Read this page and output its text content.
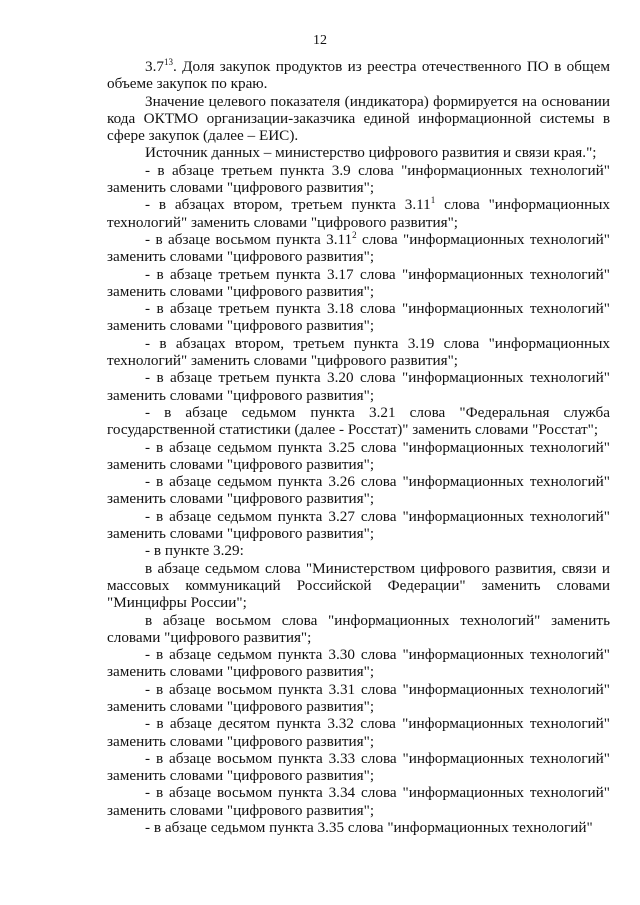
12

$3.7^{13}$. Доля закупок продуктов из реестра отечественного ПО в общем объеме закупок по краю.

Значение целевого показателя (индикатора) формируется на основании кода ОКТМО организации-заказчика единой информационной системы в сфере закупок (далее – ЕИС).

Источник данных – министерство цифрового развития и связи края.";

- в абзаце третьем пункта 3.9 слова "информационных технологий" заменить словами "цифрового развития";

- в абзацах втором, третьем пункта 3.11$^1$ слова "информационных технологий" заменить словами "цифрового развития";

- в абзаце восьмом пункта 3.11$^2$ слова "информационных технологий" заменить словами "цифрового развития";

- в абзаце третьем пункта 3.17 слова "информационных технологий" заменить словами "цифрового развития";

- в абзаце третьем пункта 3.18 слова "информационных технологий" заменить словами "цифрового развития";

- в абзацах втором, третьем пункта 3.19 слова "информационных технологий" заменить словами "цифрового развития";

- в абзаце третьем пункта 3.20 слова "информационных технологий" заменить словами "цифрового развития";

- в абзаце седьмом пункта 3.21 слова "Федеральная служба государственной статистики (далее - Росстат)" заменить словами "Росстат";

- в абзаце седьмом пункта 3.25 слова "информационных технологий" заменить словами "цифрового развития";

- в абзаце седьмом пункта 3.26 слова "информационных технологий" заменить словами "цифрового развития";

- в абзаце седьмом пункта 3.27 слова "информационных технологий" заменить словами "цифрового развития";

- в пункте 3.29:

в абзаце седьмом слова "Министерством цифрового развития, связи и массовых коммуникаций Российской Федерации" заменить словами "Минцифры России";

в абзаце восьмом слова "информационных технологий" заменить словами "цифрового развития";

- в абзаце седьмом пункта 3.30 слова "информационных технологий" заменить словами "цифрового развития";

- в абзаце восьмом пункта 3.31 слова "информационных технологий" заменить словами "цифрового развития";

- в абзаце десятом пункта 3.32 слова "информационных технологий" заменить словами "цифрового развития";

- в абзаце восьмом пункта 3.33 слова "информационных технологий" заменить словами "цифрового развития";

- в абзаце восьмом пункта 3.34 слова "информационных технологий" заменить словами "цифрового развития";

- в абзаце седьмом пункта 3.35 слова "информационных технологий"
